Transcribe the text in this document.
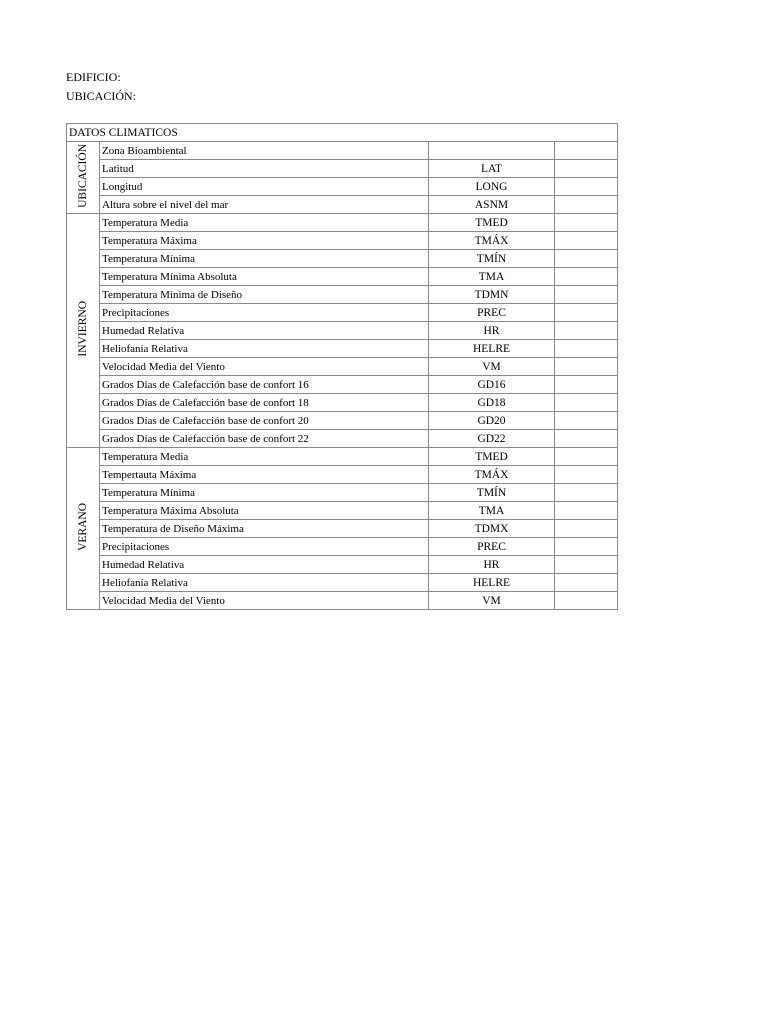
EDIFICIO:
UBICACIÓN:
DATOS CLIMATICOS			
UBICACIÓN	Zona Bioambiental		
	Latitud	LAT	
	Longitud	LONG	
	Altura sobre el nivel del mar	ASNM	
INVIERNO	Temperatura Media	TMED	
	Temperatura Máxima	TMÁX	
	Temperatura Mínima	TMÍN	
	Temperatura Mínima Absoluta	TMA	
	Temperatura Mínima de Diseño	TDMN	
	Precipitaciones	PREC	
	Humedad Relativa	HR	
	Heliofanía Relativa	HELRE	
	Velocidad Media del Viento	VM	
	Grados Días de Calefacción base de confort 16	GD16	
	Grados Días de Calefacción base de confort 18	GD18	
	Grados Días de Calefacción base de confort 20	GD20	
	Grados Días de Calefacción base de confort 22	GD22	
VERANO	Temperatura Media	TMED	
	Tempertauta Máxima	TMÁX	
	Temperatura Mínima	TMÍN	
	Temperatura Máxima Absoluta	TMA	
	Temperatura de Diseño Máxima	TDMX	
	Precipitaciones	PREC	
	Humedad Relativa	HR	
	Heliofanía Relativa	HELRE	
	Velocidad Media del Viento	VM	
